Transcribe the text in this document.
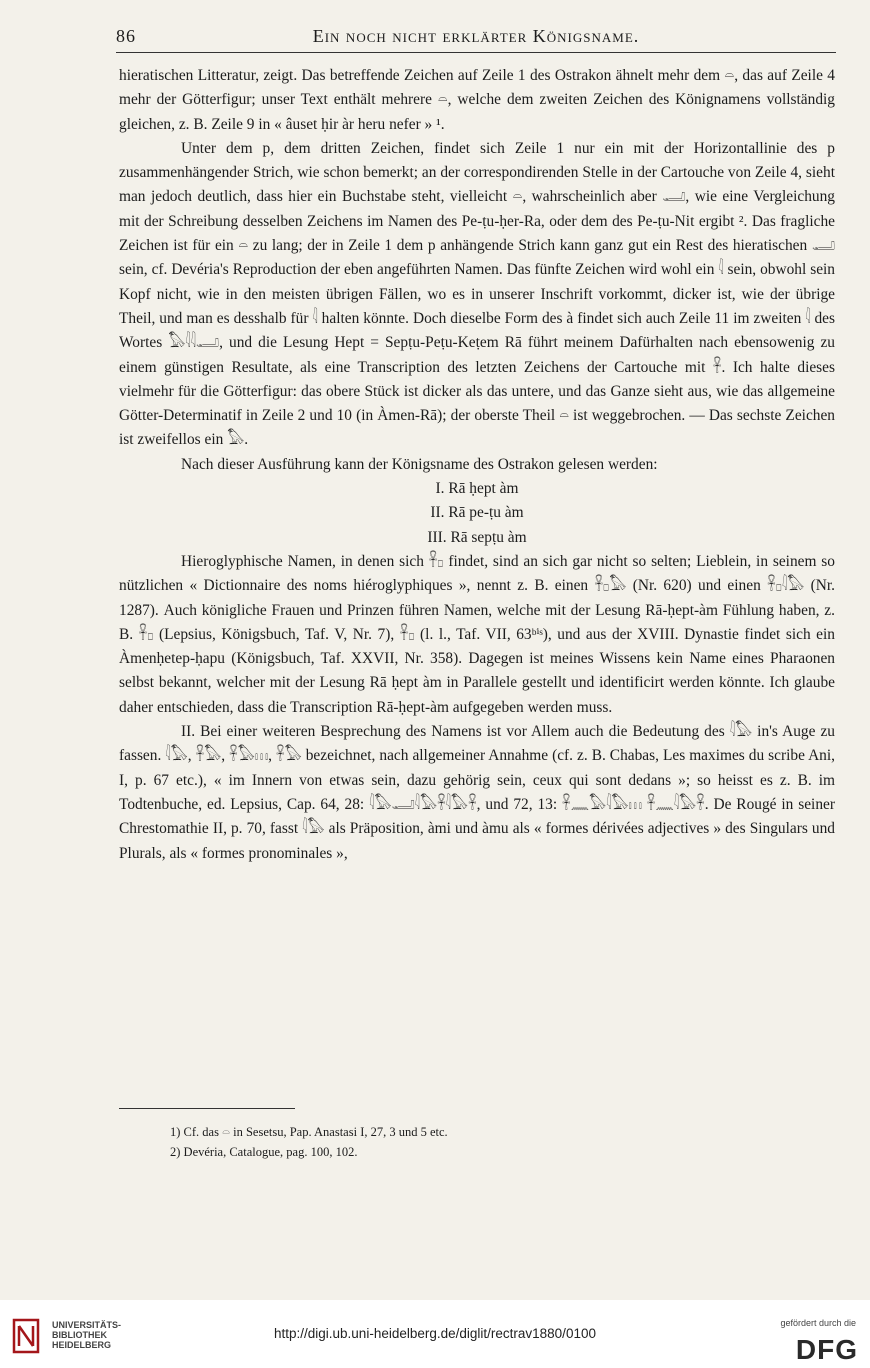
86	Ein noch nicht erklärter Königsname.

hieratischen Litteratur, zeigt. Das betreffende Zeichen auf Zeile 1 des Ostrakon ähnelt mehr dem 𓏏, das auf Zeile 4 mehr der Götterfigur; unser Text enthält mehrere 𓏏, welche dem zweiten Zeichen des Könignamens vollständig gleichen, z. B. Zeile 9 in « âuset ḥir àr heru nefer » ¹.

Unter dem p, dem dritten Zeichen, findet sich Zeile 1 nur ein mit der Horizontallinie des p zusammenhängender Strich, wie schon bemerkt; an der correspondirenden Stelle in der Cartouche von Zeile 4, sieht man jedoch deutlich, dass hier ein Buchstabe steht, vielleicht 𓏏, wahrscheinlich aber 𓂝, wie eine Vergleichung mit der Schreibung desselben Zeichens im Namen des Pe-ṭu-ḥer-Ra, oder dem des Pe-ṭu-Nit ergibt ². Das fragliche Zeichen ist für ein 𓏏 zu lang; der in Zeile 1 dem p anhängende Strich kann ganz gut ein Rest des hieratischen 𓂝 sein, cf. Devéria's Reproduction der eben angeführten Namen. Das fünfte Zeichen wird wohl ein 𓇋 sein, obwohl sein Kopf nicht, wie in den meisten übrigen Fällen, wo es in unserer Inschrift vorkommt, dicker ist, wie der übrige Theil, und man es desshalb für 𓇋 halten könnte. Doch dieselbe Form des à findet sich auch Zeile 11 im zweiten 𓇋 des Wortes 𓅃𓇋𓇋𓂝, und die Lesung Hept = Sepṭu-Peṭu-Keṭem Rā führt meinem Dafürhalten nach ebensowenig zu einem günstigen Resultate, als eine Transcription des letzten Zeichens der Cartouche mit 𓋹. Ich halte dieses vielmehr für die Götterfigur: das obere Stück ist dicker als das untere, und das Ganze sieht aus, wie das allgemeine Götter-Determinatif in Zeile 2 und 10 (in Àmen-Rā); der oberste Theil 𓏏 ist weggebrochen. — Das sechste Zeichen ist zweifellos ein 𓅃.

Nach dieser Ausführung kann der Königsname des Ostrakon gelesen werden:

I. Rā ḥept àm

II. Rā pe-ṭu àm

III. Rā sepṭu àm

Hieroglyphische Namen, in denen sich 𓋹𓊪 findet, sind an sich gar nicht so selten; Lieblein, in seinem so nützlichen « Dictionnaire des noms hiéroglyphiques », nennt z. B. einen 𓋹𓊪𓅃 (Nr. 620) und einen 𓋹𓊪𓇋𓅃 (Nr. 1287). Auch königliche Frauen und Prinzen führen Namen, welche mit der Lesung Rā-ḥept-àm Fühlung haben, z. B. 𓋹𓊪 (Lepsius, Königsbuch, Taf. V, Nr. 7), 𓋹𓊪 (l. l., Taf. VII, 63ᵇⁱˢ), und aus der XVIII. Dynastie findet sich ein Àmenḥetep-ḥapu (Königsbuch, Taf. XXVII, Nr. 358). Dagegen ist meines Wissens kein Name eines Pharaonen selbst bekannt, welcher mit der Lesung Rā ḥept àm in Parallele gestellt und identificirt werden könnte. Ich glaube daher entschieden, dass die Transcription Rā-ḥept-àm aufgegeben werden muss.

II. Bei einer weiteren Besprechung des Namens ist vor Allem auch die Bedeutung des 𓇋𓅃 in's Auge zu fassen. 𓇋𓅃, 𓋹𓅃, 𓋹𓅃𓏥, 𓋹𓅃 bezeichnet, nach allgemeiner Annahme (cf. z. B. Chabas, Les maximes du scribe Ani, I, p. 67 etc.), « im Innern von etwas sein, dazu gehörig sein, ceux qui sont dedans »; so heisst es z. B. im Todtenbuche, ed. Lepsius, Cap. 64, 28: 𓇋𓅃𓂝𓇋𓅃𓋹𓇋𓅃𓋹, und 72, 13: 𓋹𓈖𓅃𓇋𓅃𓏥 𓋹𓈖𓇋𓅃𓋹. De Rougé in seiner Chrestomathie II, p. 70, fasst 𓇋𓅃 als Präposition, àmi und àmu als « formes dérivées adjectives » des Singulars und Plurals, als « formes pronominales »,

1) Cf. das 𓏏 in Sesetsu, Pap. Anastasi I, 27, 3 und 5 etc.
2) Devéria, Catalogue, pag. 100, 102.
UNIVERSITÄTS-
BIBLIOTHEK
HEIDELBERG
http://digi.ub.uni-heidelberg.de/diglit/rectrav1880/0100
gefördert durch die
DFG
